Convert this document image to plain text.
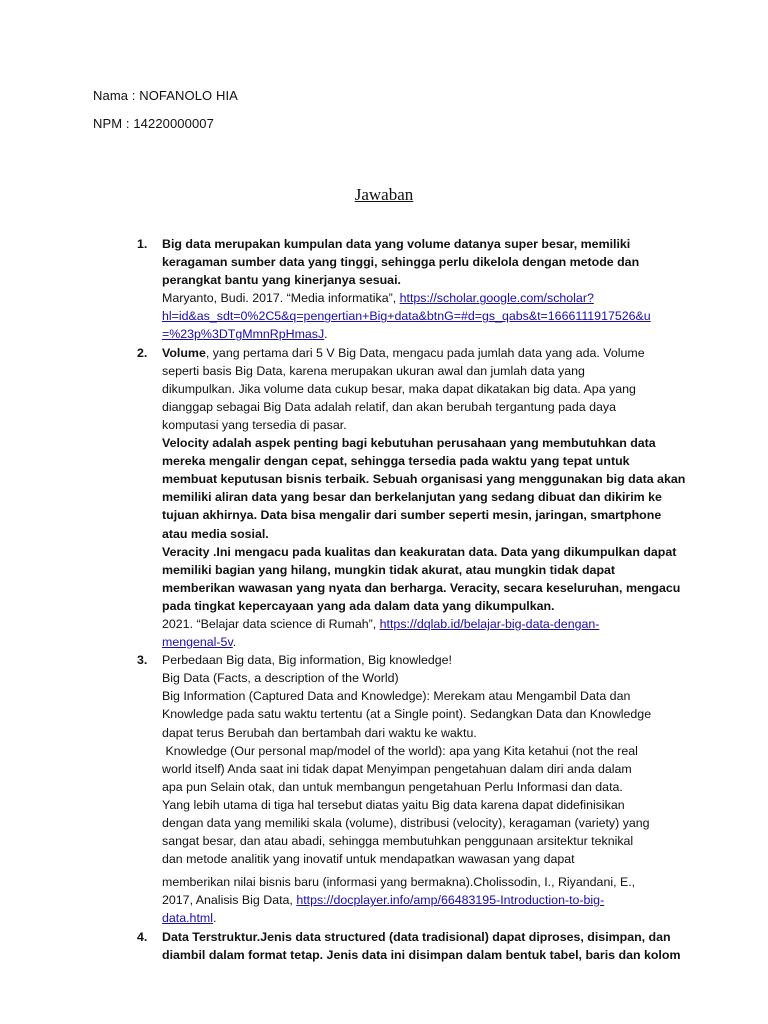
Nama : NOFANOLO HIA
NPM : 14220000007
Jawaban
1. Big data merupakan kumpulan data yang volume datanya super besar, memiliki

keragaman sumber data yang tinggi, sehingga perlu dikelola dengan metode dan

perangkat bantu yang kinerjanya sesuai.

Maryanto, Budi. 2017. “Media informatika”, https://scholar.google.com/scholar?

hl=id&as_sdt=0%2C5&q=pengertian+Big+data&btnG=#d=gs_qabs&t=1666111917526&u

=%23p%3DTgMmnRpHmasJ.

2. Volume, yang pertama dari 5 V Big Data, mengacu pada jumlah data yang ada. Volume

seperti basis Big Data, karena merupakan ukuran awal dan jumlah data yang

dikumpulkan. Jika volume data cukup besar, maka dapat dikatakan big data. Apa yang

dianggap sebagai Big Data adalah relatif, dan akan berubah tergantung pada daya

komputasi yang tersedia di pasar.

Velocity adalah aspek penting bagi kebutuhan perusahaan yang membutuhkan data

mereka mengalir dengan cepat, sehingga tersedia pada waktu yang tepat untuk

membuat keputusan bisnis terbaik. Sebuah organisasi yang menggunakan big data akan

memiliki aliran data yang besar dan berkelanjutan yang sedang dibuat dan dikirim ke

tujuan akhirnya. Data bisa mengalir dari sumber seperti mesin, jaringan, smartphone

atau media sosial.

Veracity .Ini mengacu pada kualitas dan keakuratan data. Data yang dikumpulkan dapat

memiliki bagian yang hilang, mungkin tidak akurat, atau mungkin tidak dapat

memberikan wawasan yang nyata dan berharga. Veracity, secara keseluruhan, mengacu

pada tingkat kepercayaan yang ada dalam data yang dikumpulkan.

2021. “Belajar data science di Rumah”, https://dqlab.id/belajar-big-data-dengan-

mengenal-5v.

3. Perbedaan Big data, Big information, Big knowledge!

Big Data (Facts, a description of the World)

Big Information (Captured Data and Knowledge): Merekam atau Mengambil Data dan

Knowledge pada satu waktu tertentu (at a Single point). Sedangkan Data dan Knowledge

dapat terus Berubah dan bertambah dari waktu ke waktu.

Knowledge (Our personal map/model of the world): apa yang Kita ketahui (not the real

world itself) Anda saat ini tidak dapat Menyimpan pengetahuan dalam diri anda dalam

apa pun Selain otak, dan untuk membangun pengetahuan Perlu Informasi dan data.

Yang lebih utama di tiga hal tersebut diatas yaitu Big data karena dapat didefinisikan

dengan data yang memiliki skala (volume), distribusi (velocity), keragaman (variety) yang

sangat besar, dan atau abadi, sehingga membutuhkan penggunaan arsitektur teknikal

dan metode analitik yang inovatif untuk mendapatkan wawasan yang dapat

memberikan nilai bisnis baru (informasi yang bermakna).Cholissodin, I., Riyandani, E.,

2017, Analisis Big Data, https://docplayer.info/amp/66483195-Introduction-to-big-

data.html.

4. Data Terstruktur.Jenis data structured (data tradisional) dapat diproses, disimpan, dan

diambil dalam format tetap. Jenis data ini disimpan dalam bentuk tabel, baris dan kolom
